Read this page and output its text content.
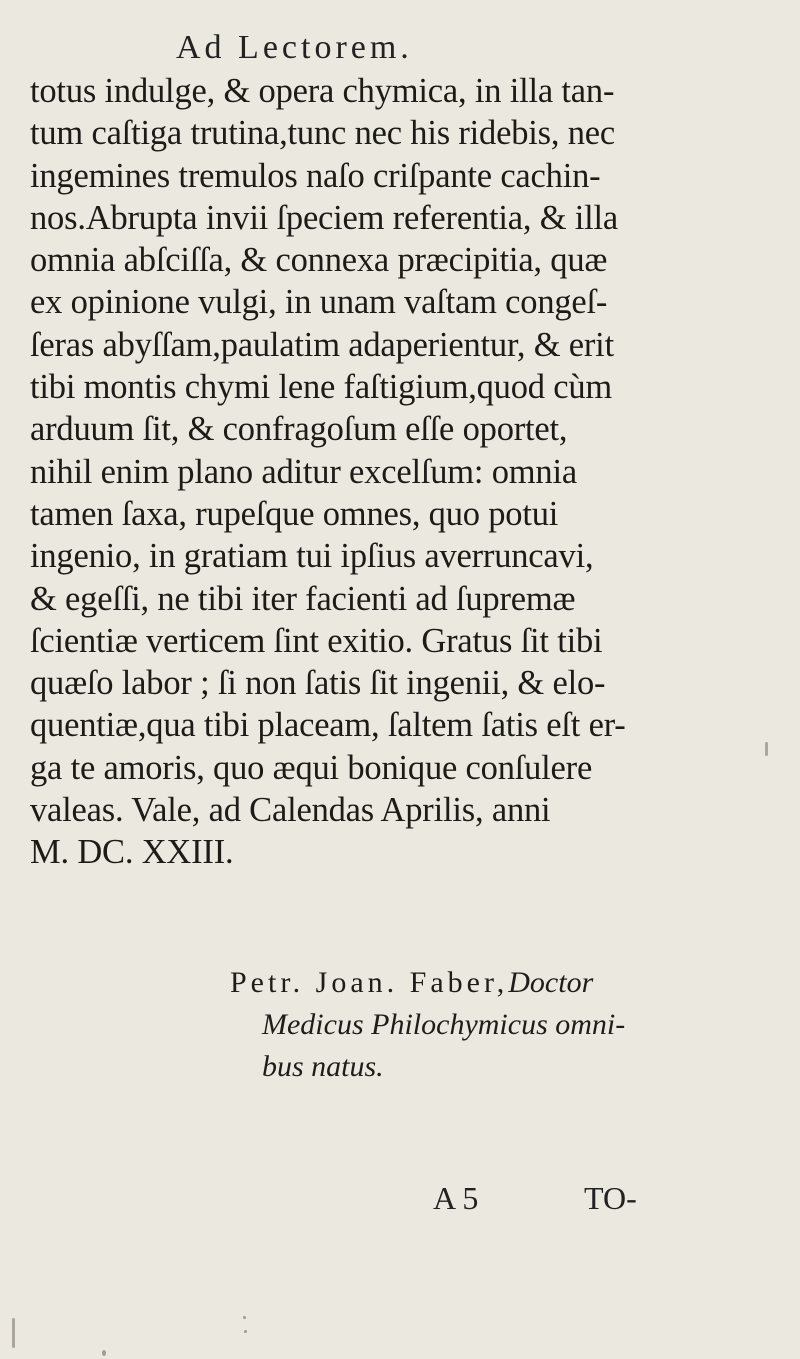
Ad Lectorem.
totus indulge, & opera chymica, in illa tan-
tum caſtiga trutina,tunc nec his ridebis, nec
ingemines tremulos naſo criſpante cachin-
nos.Abrupta invii ſpeciem referentia, & illa
omnia abſciſſa, & connexa præcipitia, quæ
ex opinione vulgi, in unam vaſtam congeſ-
ſeras abyſſam,paulatim adaperientur, & erit
tibi montis chymi lene faſtigium,quod cùm
arduum ſit, & confragoſum eſſe oportet,
nihil enim plano aditur excelſum: omnia
tamen ſaxa, rupeſque omnes, quo potui
ingenio, in gratiam tui ipſius averruncavi,
& egeſſi, ne tibi iter facienti ad ſupremæ
ſcientiæ verticem ſint exitio. Gratus ſit tibi
quæſo labor ; ſi non ſatis ſit ingenii, & elo-
quentiæ,qua tibi placeam, ſaltem ſatis eſt er-
ga te amoris, quo æqui bonique conſulere
valeas. Vale, ad Calendas Aprilis, anni
M. DC. XXIII.
Petr. Joan. Faber,Doctor
Medicus Philochymicus omni-
bus natus.
A 5	TO-
